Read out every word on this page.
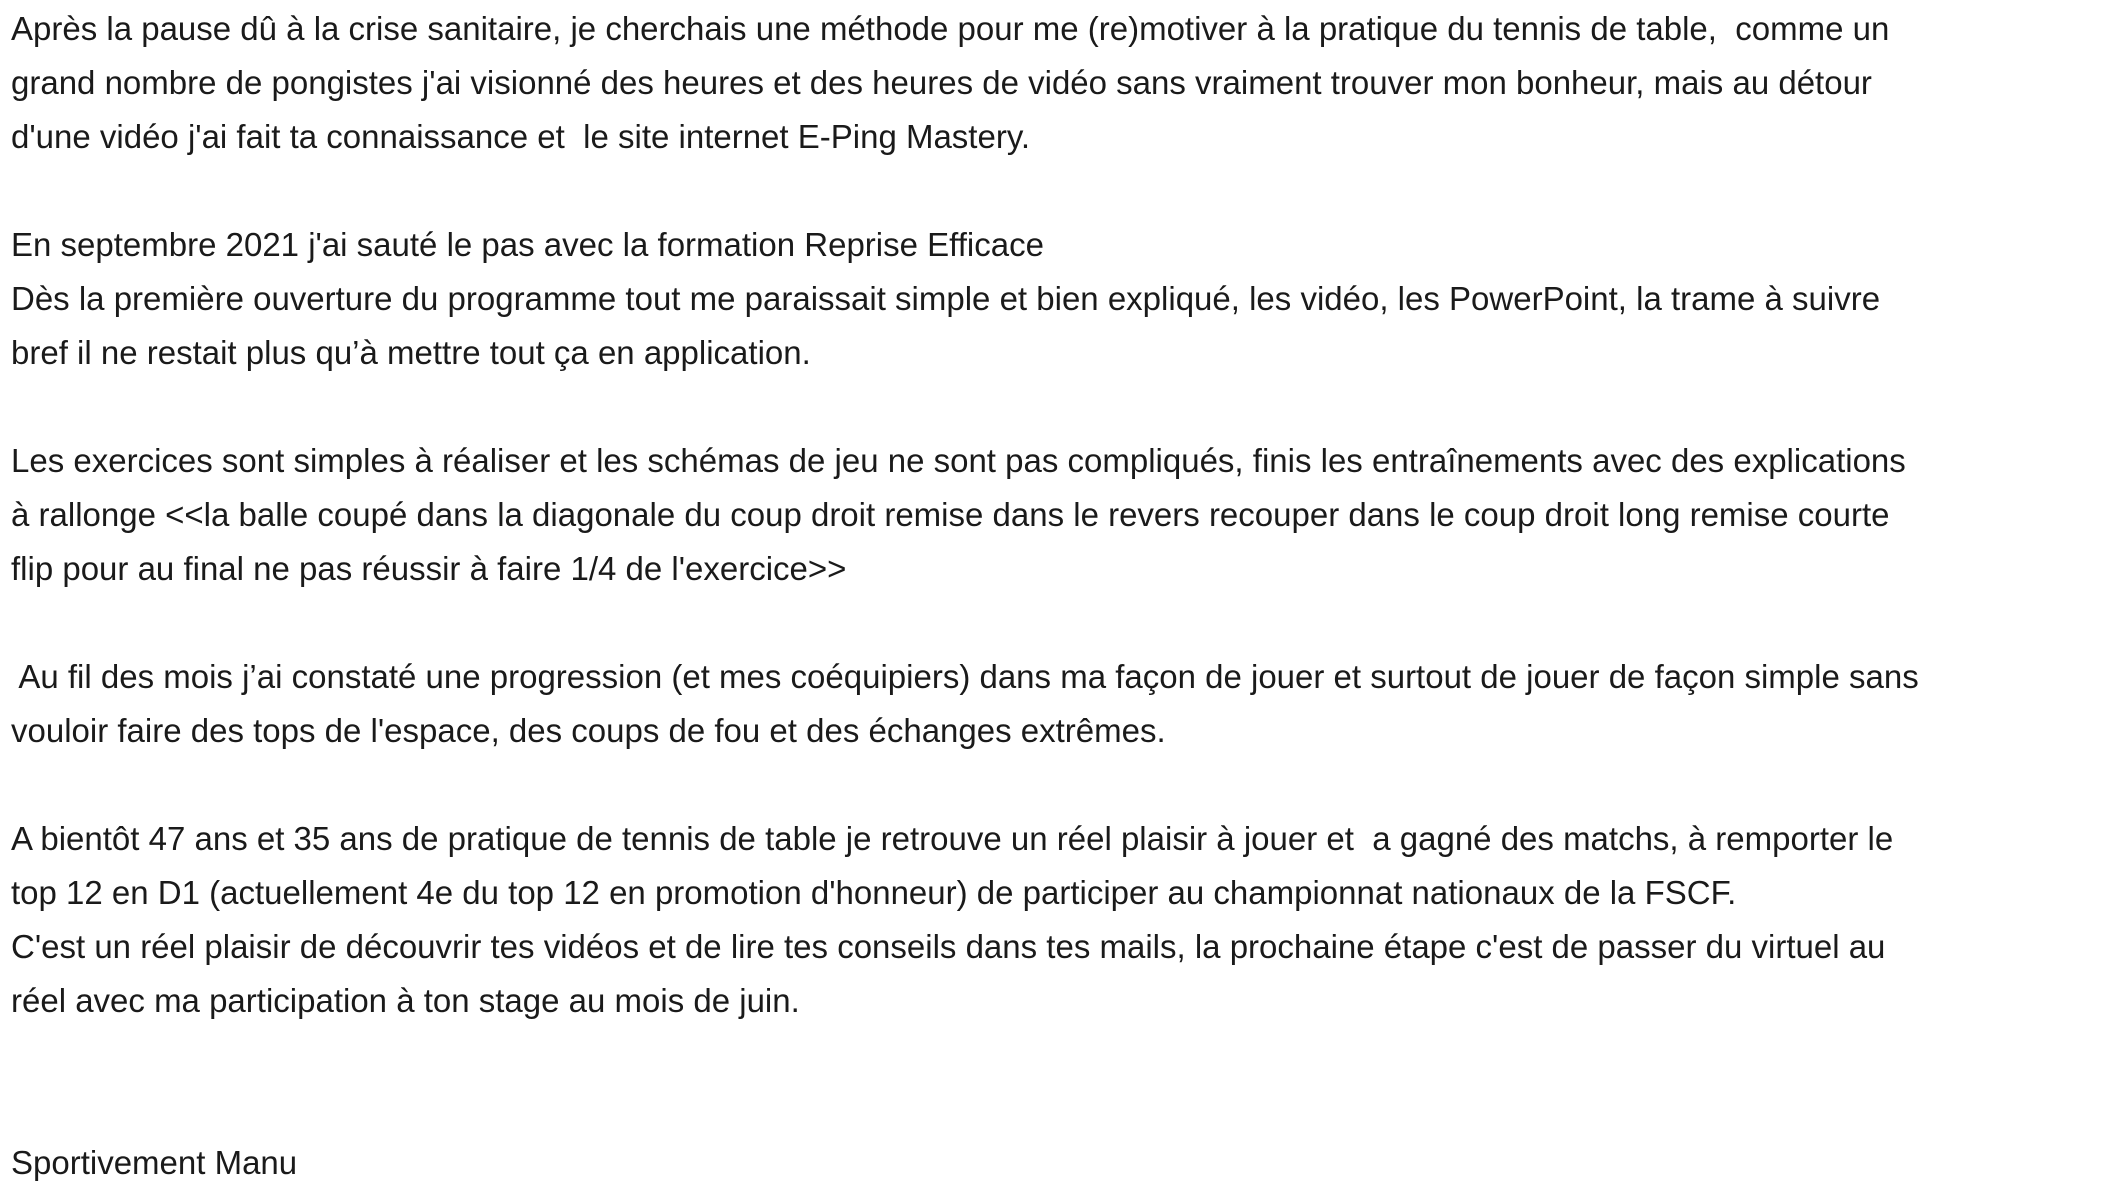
Après la pause dû à la crise sanitaire, je cherchais une méthode pour me (re)motiver à la pratique du tennis de table,  comme un
grand nombre de pongistes j'ai visionné des heures et des heures de vidéo sans vraiment trouver mon bonheur, mais au détour
d'une vidéo j'ai fait ta connaissance et  le site internet E-Ping Mastery.
En septembre 2021 j'ai sauté le pas avec la formation Reprise Efficace
Dès la première ouverture du programme tout me paraissait simple et bien expliqué, les vidéo, les PowerPoint, la trame à suivre
bref il ne restait plus qu’à mettre tout ça en application.
Les exercices sont simples à réaliser et les schémas de jeu ne sont pas compliqués, finis les entraînements avec des explications
à rallonge <<la balle coupé dans la diagonale du coup droit remise dans le revers recouper dans le coup droit long remise courte
flip pour au final ne pas réussir à faire 1/4 de l'exercice>>
Au fil des mois j’ai constaté une progression (et mes coéquipiers) dans ma façon de jouer et surtout de jouer de façon simple sans
vouloir faire des tops de l'espace, des coups de fou et des échanges extrêmes.
A bientôt 47 ans et 35 ans de pratique de tennis de table je retrouve un réel plaisir à jouer et  a gagné des matchs, à remporter le
top 12 en D1 (actuellement 4e du top 12 en promotion d'honneur) de participer au championnat nationaux de la FSCF.
C'est un réel plaisir de découvrir tes vidéos et de lire tes conseils dans tes mails, la prochaine étape c'est de passer du virtuel au
réel avec ma participation à ton stage au mois de juin.
Sportivement Manu
